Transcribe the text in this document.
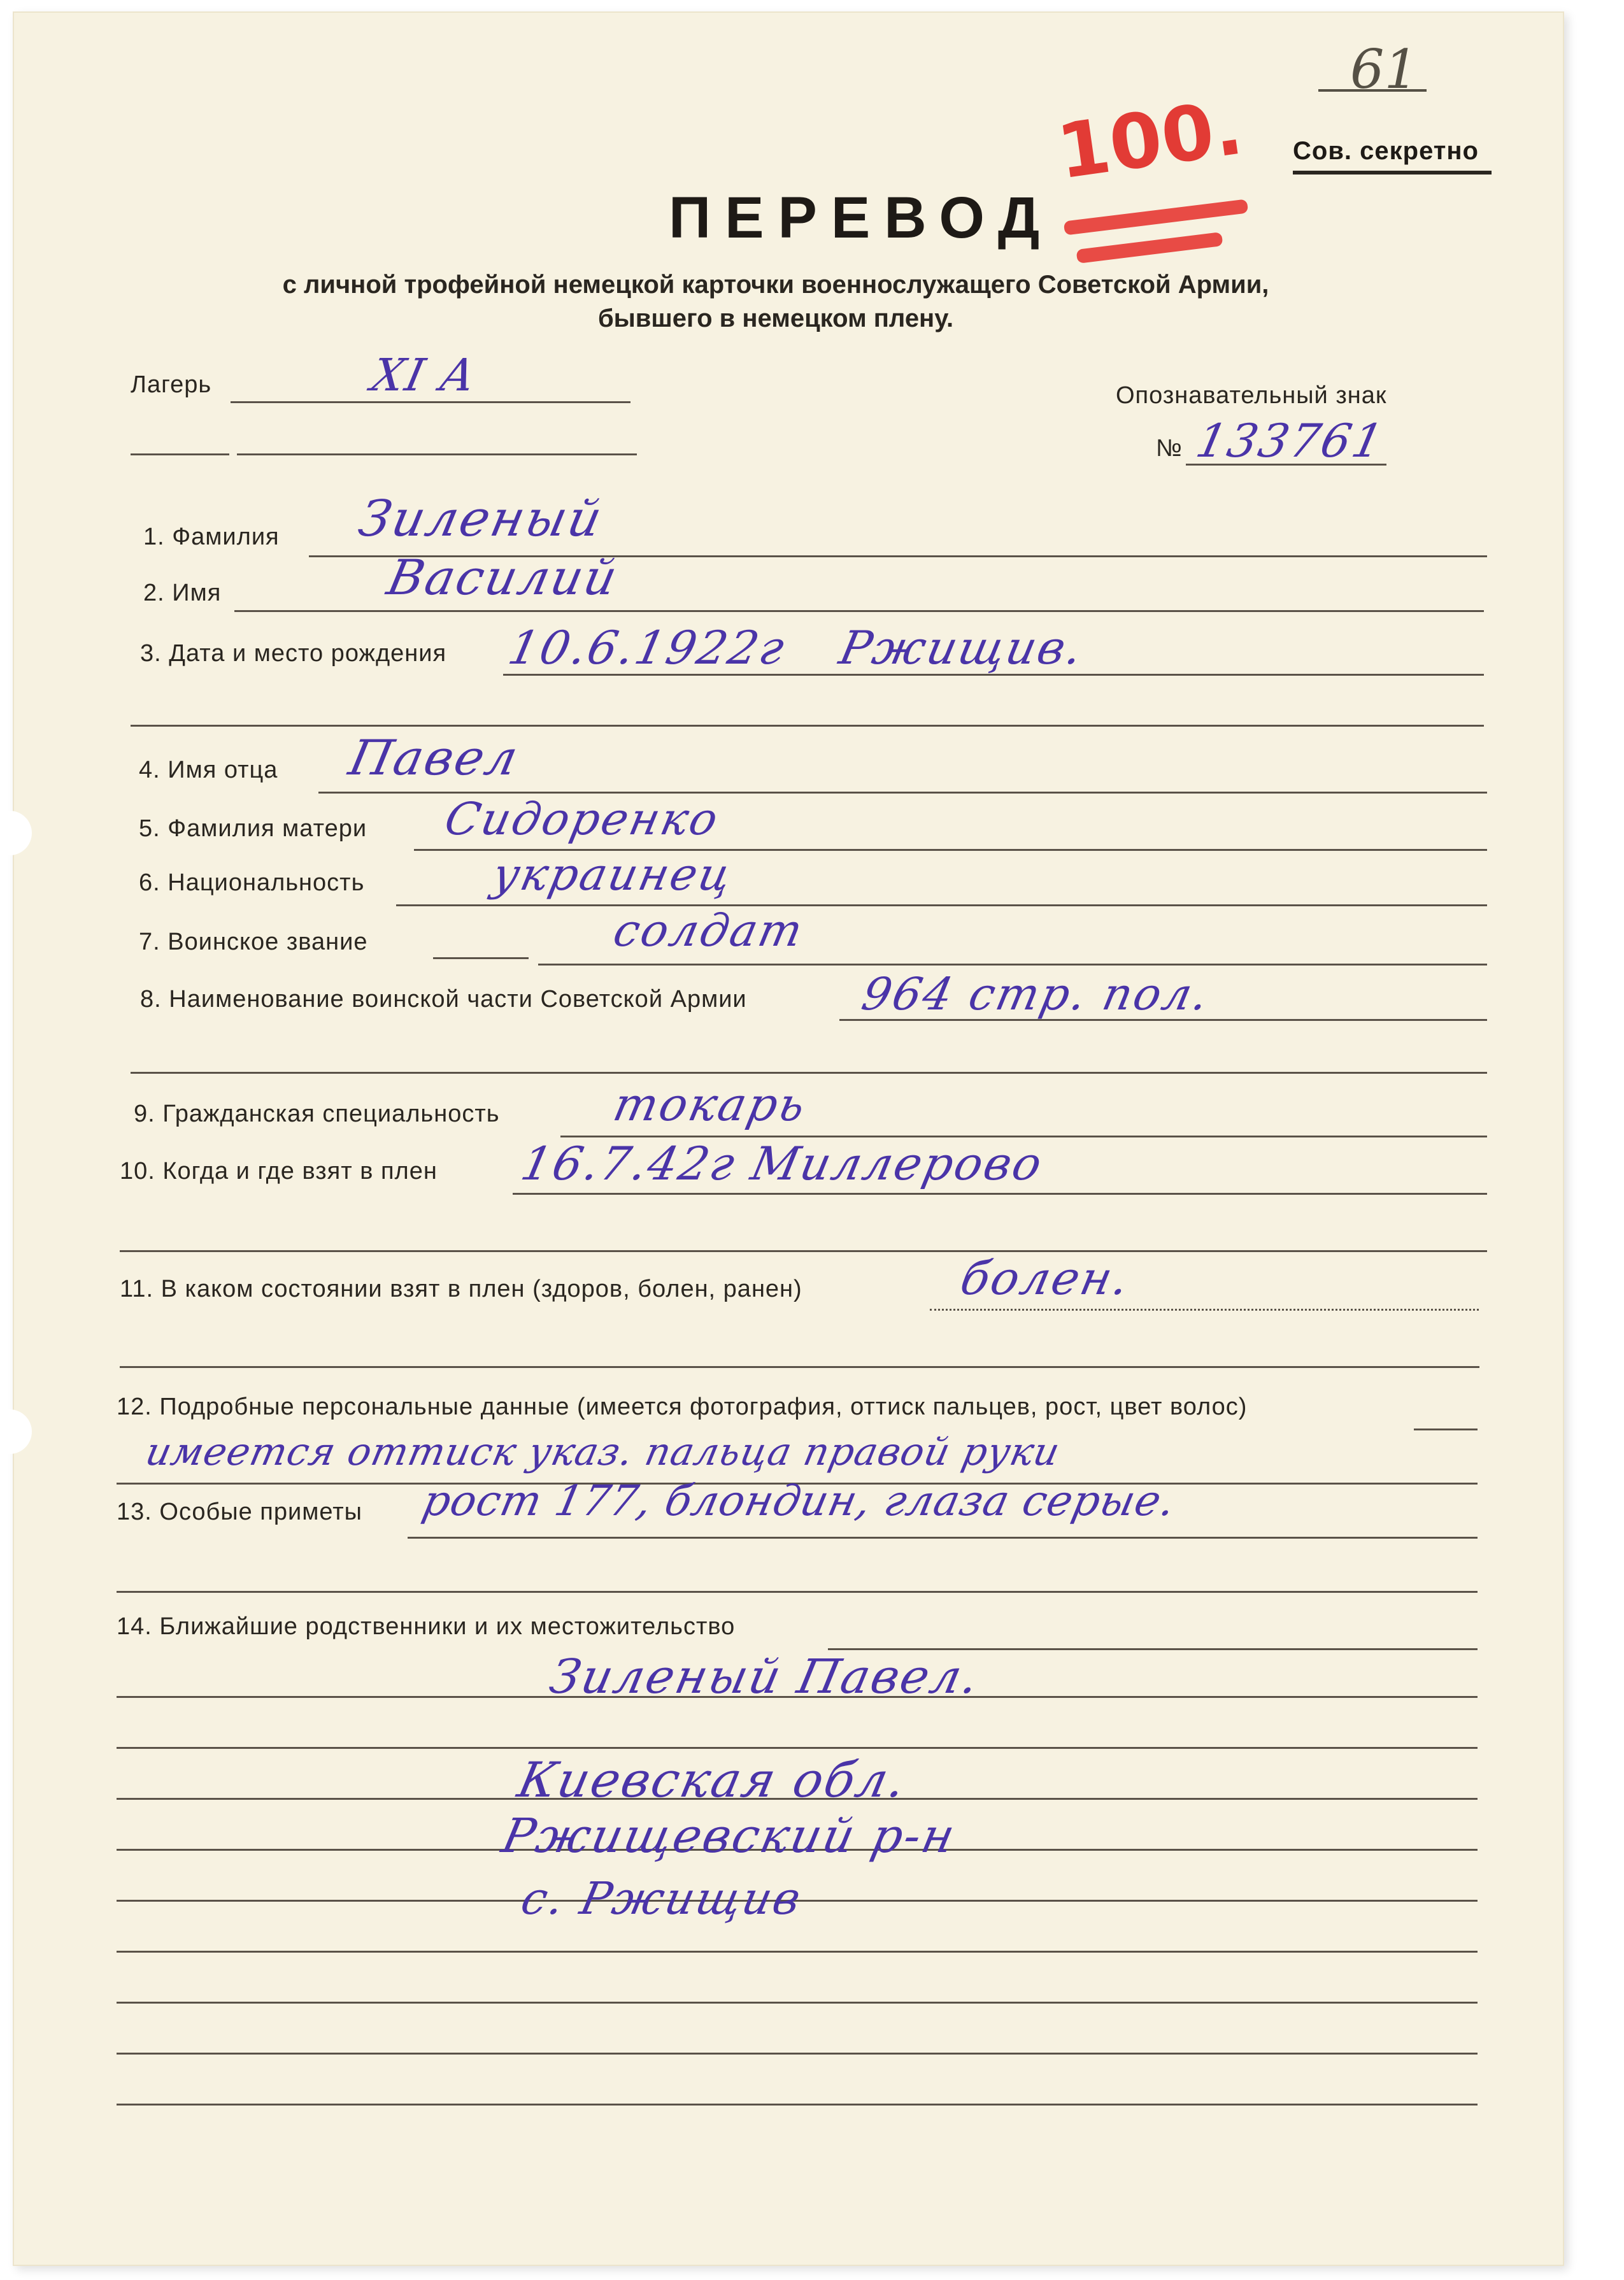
61
100. Сов. секретно
ПЕРЕВОД
с личной трофейной немецкой карточки военнослужащего Советской Армии,
бывшего в немецком плену.
Лагерь	XI A	Опознавательный знак
№ 133761
1. Фамилия Зиленый
2. Имя	Василий
3. Дата и место рождения 10.6.1922г Ржищив.
4. Имя отца Павел
5. Фамилия матери Сидоренко
6. Национальность	украинец
7. Воинское звание	солдат
8. Наименование воинской части Советской Армии 964 стр. пол.
9. Гражданская специальность токарь
10. Когда и где взят в плен 16.7.42г Миллерово
11. В каком состоянии взят в плен (здоров, болен, ранен)	болен.
12. Подробные персональные данные (имеется фотография, оттиск пальцев, рост, цвет волос)
имеется оттиск указ. пальца правой руки
13. Особые приметы рост 177, блондин, глаза серые.
14. Ближайшие родственники и их местожительство
Зиленый Павел.
Киевская обл.
Ржищевский р-н
с. Ржищив
